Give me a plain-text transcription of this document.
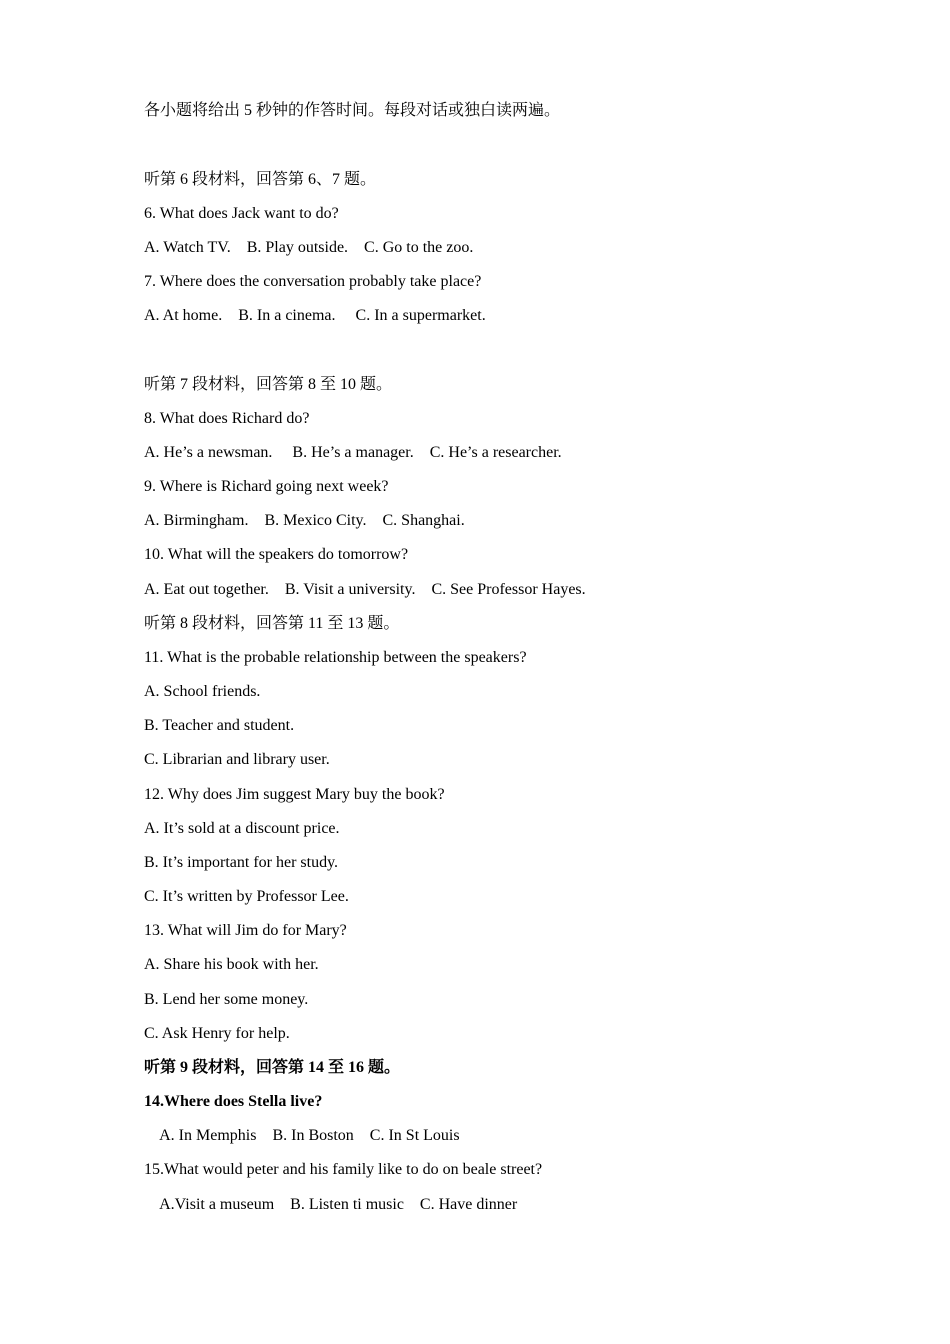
各小题将给出 5 秒钟的作答时间。每段对话或独白读两遍。
听第 6 段材料，回答第 6、7 题。
6. What does Jack want to do?
A. Watch TV.    B. Play outside.    C. Go to the zoo.
7. Where does the conversation probably take place?
A. At home.    B. In a cinema.     C. In a supermarket.
听第 7 段材料，回答第 8 至 10 题。
8. What does Richard do?
A. He’s a newsman.     B. He’s a manager.    C. He’s a researcher.
9. Where is Richard going next week?
A. Birmingham.    B. Mexico City.    C. Shanghai.
10. What will the speakers do tomorrow?
A. Eat out together.    B. Visit a university.    C. See Professor Hayes.
听第 8 段材料，回答第 11 至 13 题。
11. What is the probable relationship between the speakers?
A. School friends.
B. Teacher and student.
C. Librarian and library user.
12. Why does Jim suggest Mary buy the book?
A. It’s sold at a discount price.
B. It’s important for her study.
C. It’s written by Professor Lee.
13. What will Jim do for Mary?
A. Share his book with her.
B. Lend her some money.
C. Ask Henry for help.
听第 9 段材料，回答第 14 至 16 题。
14.Where does Stella live?
A. In Memphis    B. In Boston    C. In St Louis
15.What would peter and his family like to do on beale street?
A.Visit a museum    B. Listen ti music    C. Have dinner
